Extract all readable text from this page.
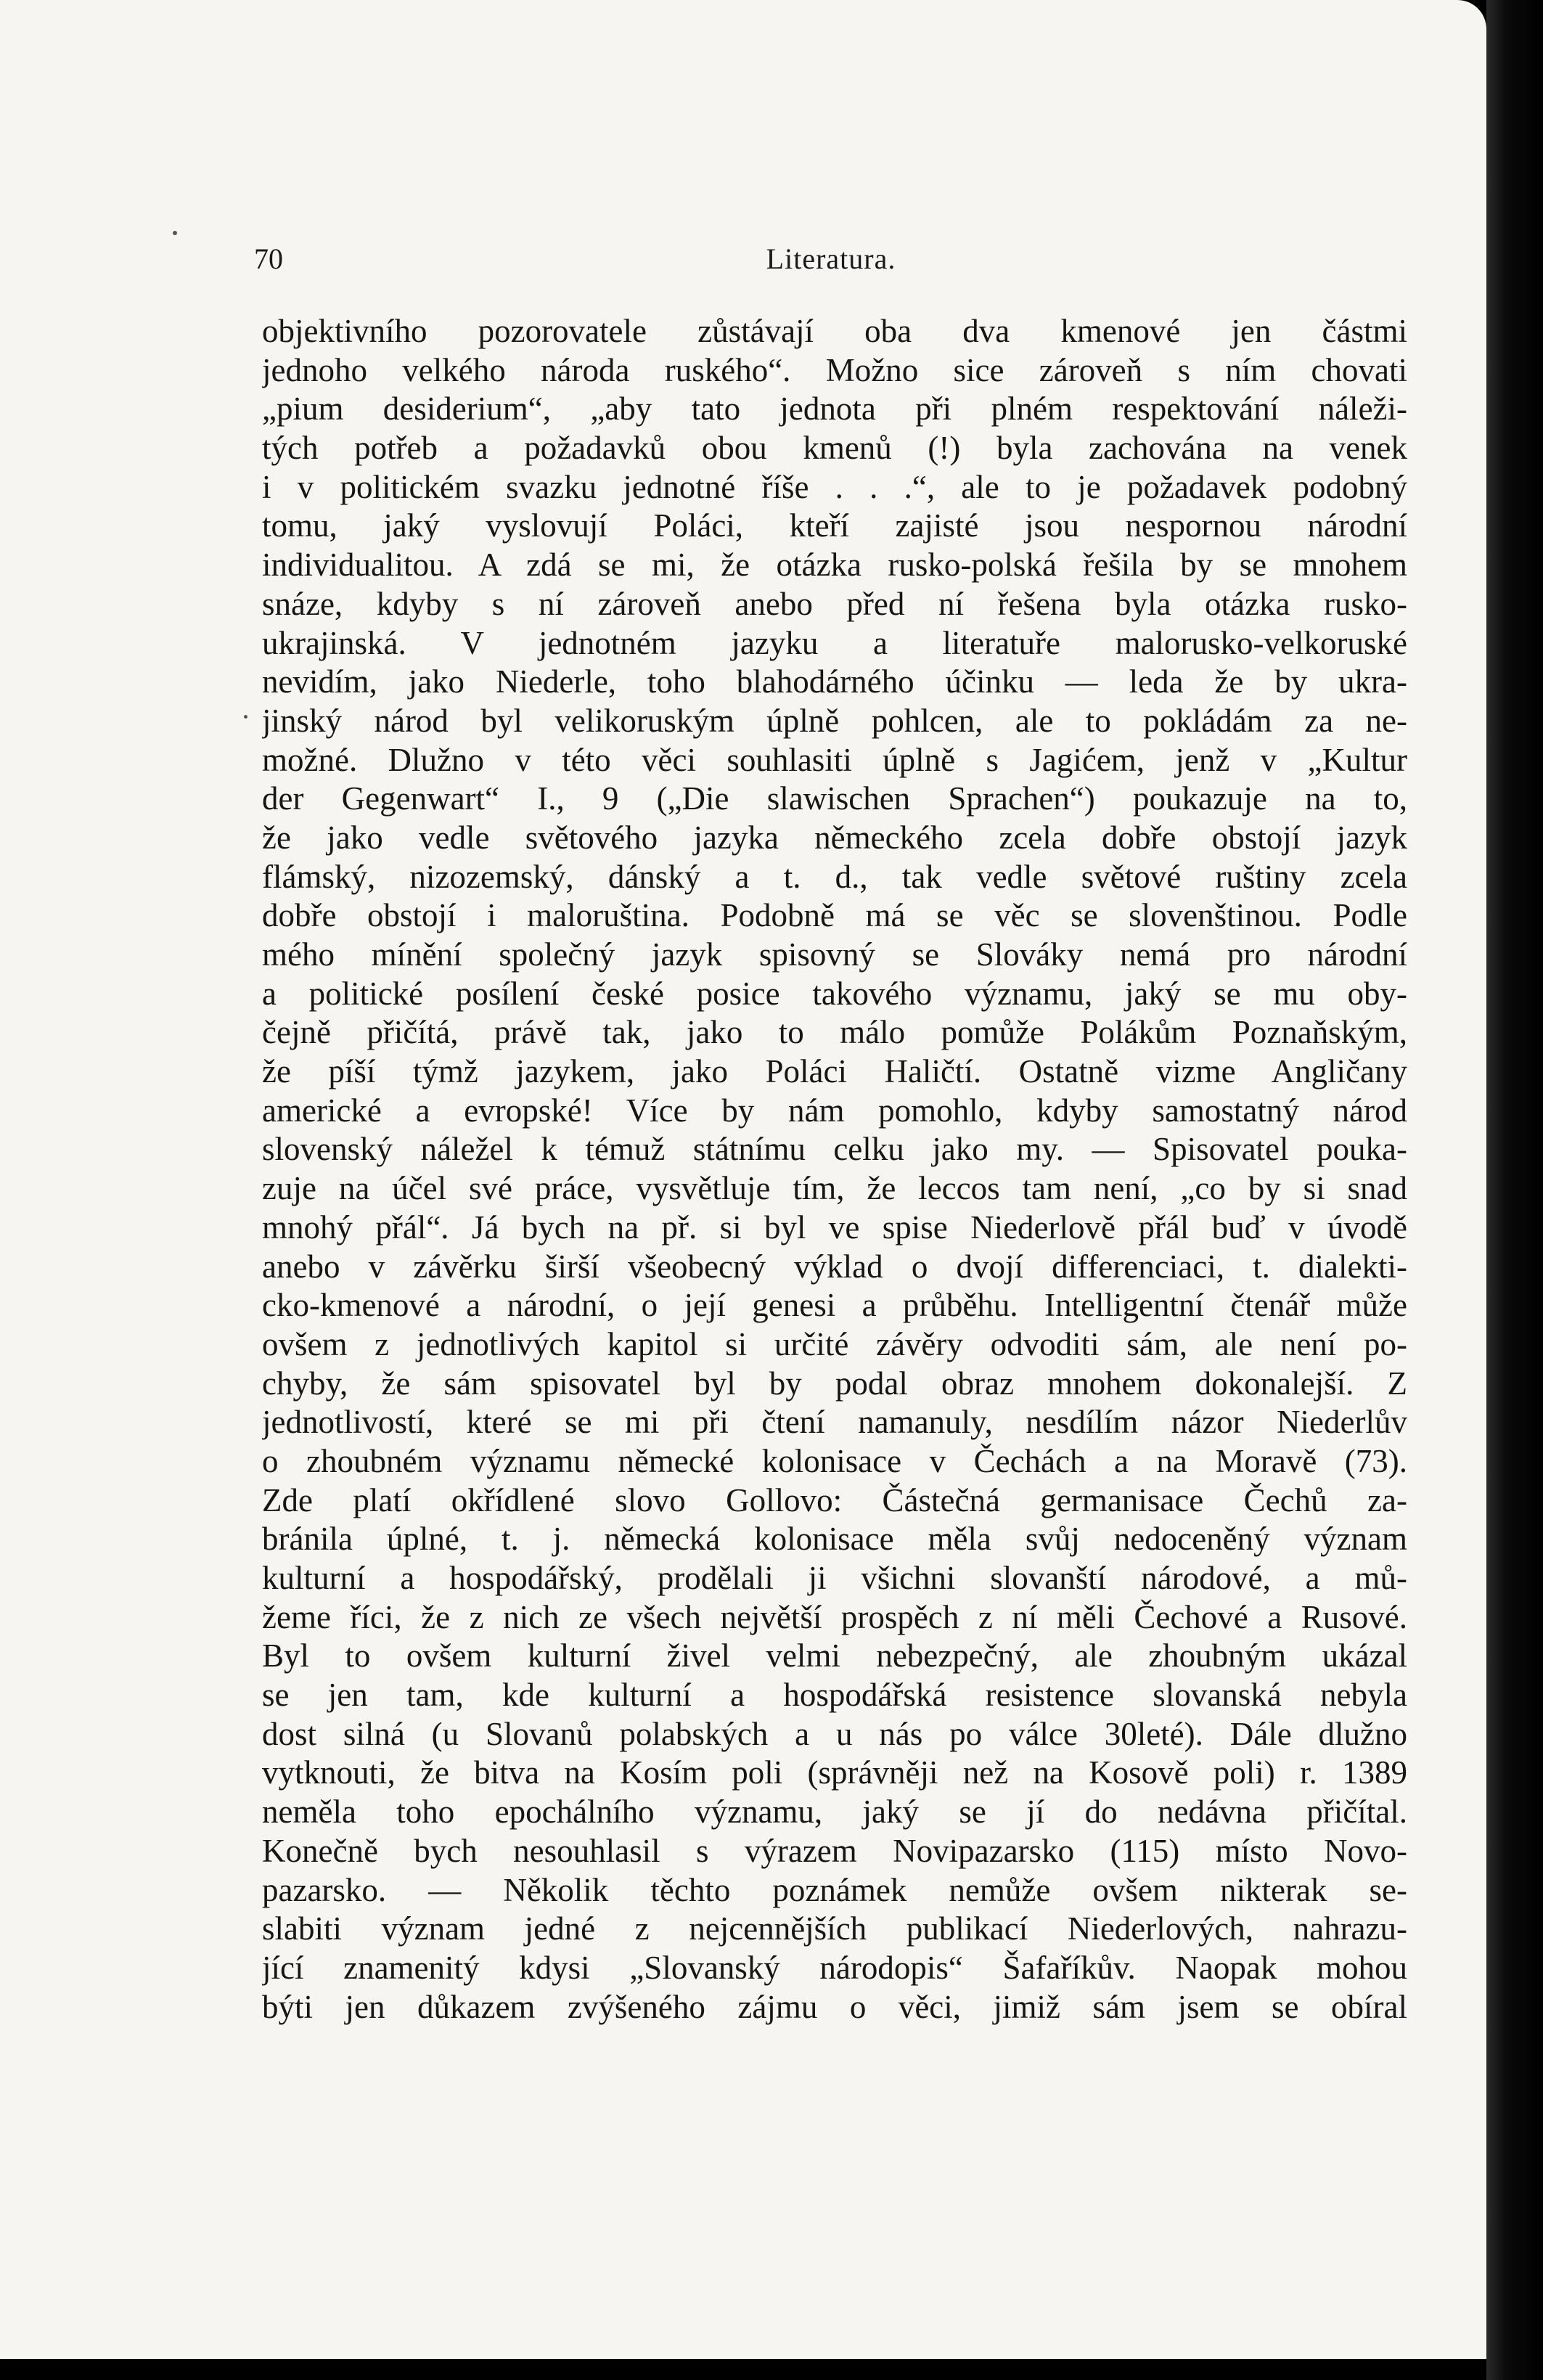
70	Literatura.
objektivního pozorovatele zůstávají oba dva kmenové jen částmi
jednoho velkého národa ruského“. Možno sice zároveň s ním chovati
„pium desiderium“, „aby tato jednota při plném respektování náleži-
tých potřeb a požadavků obou kmenů (!) byla zachována na venek
i v politickém svazku jednotné říše . . .“, ale to je požadavek podobný
tomu, jaký vyslovují Poláci, kteří zajisté jsou nespornou národní
individualitou. A zdá se mi, že otázka rusko-polská řešila by se mnohem
snáze, kdyby s ní zároveň anebo před ní řešena byla otázka rusko-
ukrajinská. V jednotném jazyku a literatuře malorusko-velkoruské
nevidím, jako Niederle, toho blahodárného účinku — leda že by ukra-
jinský národ byl velikoruským úplně pohlcen, ale to pokládám za ne-
možné. Dlužno v této věci souhlasiti úplně s Jagićem, jenž v „Kultur
der Gegenwart“ I., 9 („Die slawischen Sprachen“) poukazuje na to,
že jako vedle světového jazyka německého zcela dobře obstojí jazyk
flámský, nizozemský, dánský a t. d., tak vedle světové ruštiny zcela
dobře obstojí i maloruština. Podobně má se věc se slovenštinou. Podle
mého mínění společný jazyk spisovný se Slováky nemá pro národní
a politické posílení české posice takového významu, jaký se mu oby-
čejně přičítá, právě tak, jako to málo pomůže Polákům Poznaňským,
že píší týmž jazykem, jako Poláci Haličtí. Ostatně vizme Angličany
americké a evropské! Více by nám pomohlo, kdyby samostatný národ
slovenský náležel k témuž státnímu celku jako my. — Spisovatel pouka-
zuje na účel své práce, vysvětluje tím, že leccos tam není, „co by si snad
mnohý přál“. Já bych na př. si byl ve spise Niederlově přál buď v úvodě
anebo v závěrku širší všeobecný výklad o dvojí differenciaci, t. dialekti-
cko-kmenové a národní, o její genesi a průběhu. Intelligentní čtenář může
ovšem z jednotlivých kapitol si určité závěry odvoditi sám, ale není po-
chyby, že sám spisovatel byl by podal obraz mnohem dokonalejší. Z
jednotlivostí, které se mi při čtení namanuly, nesdílím názor Niederlův
o zhoubném významu německé kolonisace v Čechách a na Moravě (73).
Zde platí okřídlené slovo Gollovo: Částečná germanisace Čechů za-
bránila úplné, t. j. německá kolonisace měla svůj nedoceněný význam
kulturní a hospodářský, prodělali ji všichni slovanští národové, a mů-
žeme říci, že z nich ze všech největší prospěch z ní měli Čechové a Rusové.
Byl to ovšem kulturní živel velmi nebezpečný, ale zhoubným ukázal
se jen tam, kde kulturní a hospodářská resistence slovanská nebyla
dost silná (u Slovanů polabských a u nás po válce 30leté). Dále dlužno
vytknouti, že bitva na Kosím poli (správněji než na Kosově poli) r. 1389
neměla toho epochálního významu, jaký se jí do nedávna přičítal.
Konečně bych nesouhlasil s výrazem Novipazarsko (115) místo Novo-
pazarsko. — Několik těchto poznámek nemůže ovšem nikterak se-
slabiti význam jedné z nejcennějších publikací Niederlových, nahrazu-
jící znamenitý kdysi „Slovanský národopis“ Šafaříkův. Naopak mohou
býti jen důkazem zvýšeného zájmu o věci, jimiž sám jsem se obíral
